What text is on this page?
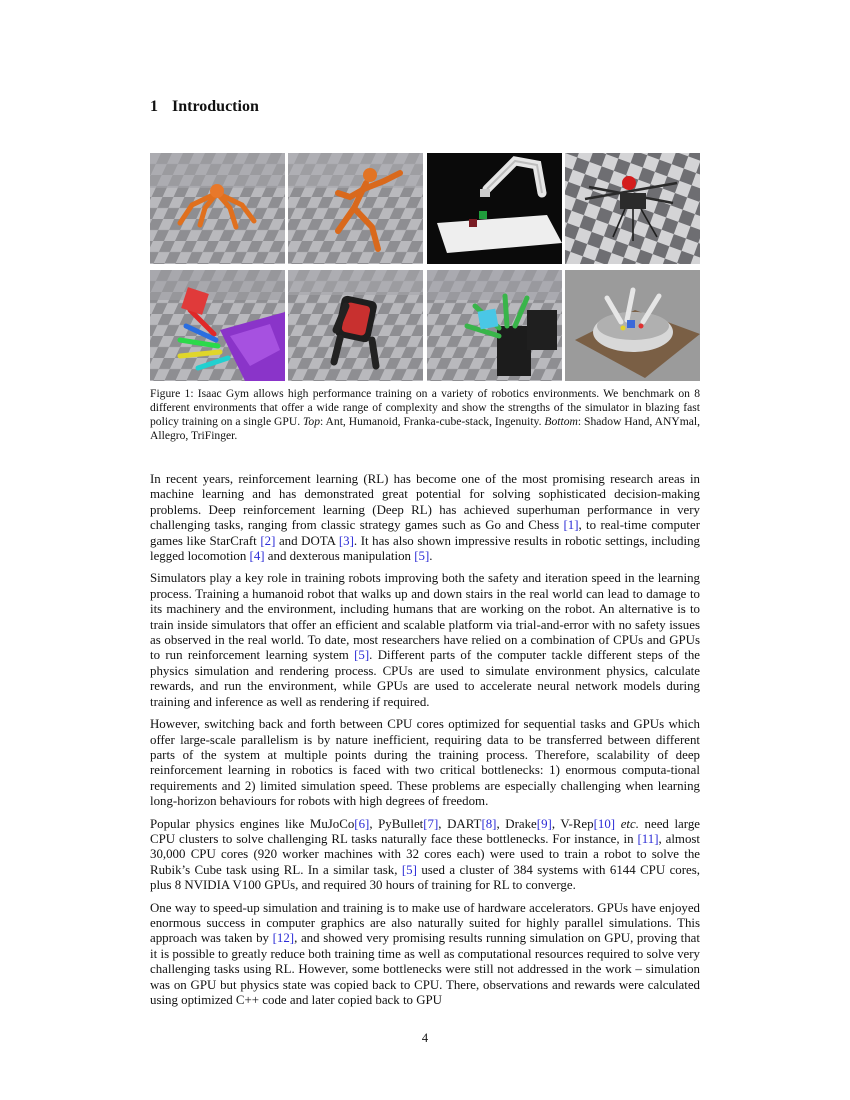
1 Introduction
Figure 1: Isaac Gym allows high performance training on a variety of robotics environments. We benchmark on 8 different environments that offer a wide range of complexity and show the strengths of the simulator in blazing fast policy training on a single GPU. Top: Ant, Humanoid, Franka-cube-stack, Ingenuity. Bottom: Shadow Hand, ANYmal, Allegro, TriFinger.

In recent years, reinforcement learning (RL) has become one of the most promising research areas in machine learning and has demonstrated great potential for solving sophisticated decision-making problems. Deep reinforcement learning (Deep RL) has achieved superhuman performance in very challenging tasks, ranging from classic strategy games such as Go and Chess [1], to real-time computer games like StarCraft [2] and DOTA [3]. It has also shown impressive results in robotic settings, including legged locomotion [4] and dexterous manipulation [5].

Simulators play a key role in training robots improving both the safety and iteration speed in the learning process. Training a humanoid robot that walks up and down stairs in the real world can lead to damage to its machinery and the environment, including humans that are working on the robot. An alternative is to train inside simulators that offer an efficient and scalable platform via trial-and-error with no safety issues as observed in the real world. To date, most researchers have relied on a combination of CPUs and GPUs to run reinforcement learning system [5]. Different parts of the computer tackle different steps of the physics simulation and rendering process. CPUs are used to simulate environment physics, calculate rewards, and run the environment, while GPUs are used to accelerate neural network models during training and inference as well as rendering if required.

However, switching back and forth between CPU cores optimized for sequential tasks and GPUs which offer large-scale parallelism is by nature inefficient, requiring data to be transferred between different parts of the system at multiple points during the training process. Therefore, scalability of deep reinforcement learning in robotics is faced with two critical bottlenecks: 1) enormous computa-tional requirements and 2) limited simulation speed. These problems are especially challenging when learning long-horizon behaviours for robots with high degrees of freedom.

Popular physics engines like MuJoCo[6], PyBullet[7], DART[8], Drake[9], V-Rep[10] etc. need large CPU clusters to solve challenging RL tasks naturally face these bottlenecks. For instance, in [11], almost 30,000 CPU cores (920 worker machines with 32 cores each) were used to train a robot to solve the Rubik’s Cube task using RL. In a similar task, [5] used a cluster of 384 systems with 6144 CPU cores, plus 8 NVIDIA V100 GPUs, and required 30 hours of training for RL to converge.

One way to speed-up simulation and training is to make use of hardware accelerators. GPUs have enjoyed enormous success in computer graphics are also naturally suited for highly parallel simulations. This approach was taken by [12], and showed very promising results running simulation on GPU, proving that it is possible to greatly reduce both training time as well as computational resources required to solve very challenging tasks using RL. However, some bottlenecks were still not addressed in the work – simulation was on GPU but physics state was copied back to CPU. There, observations and rewards were calculated using optimized C++ code and later copied back to GPU

4
